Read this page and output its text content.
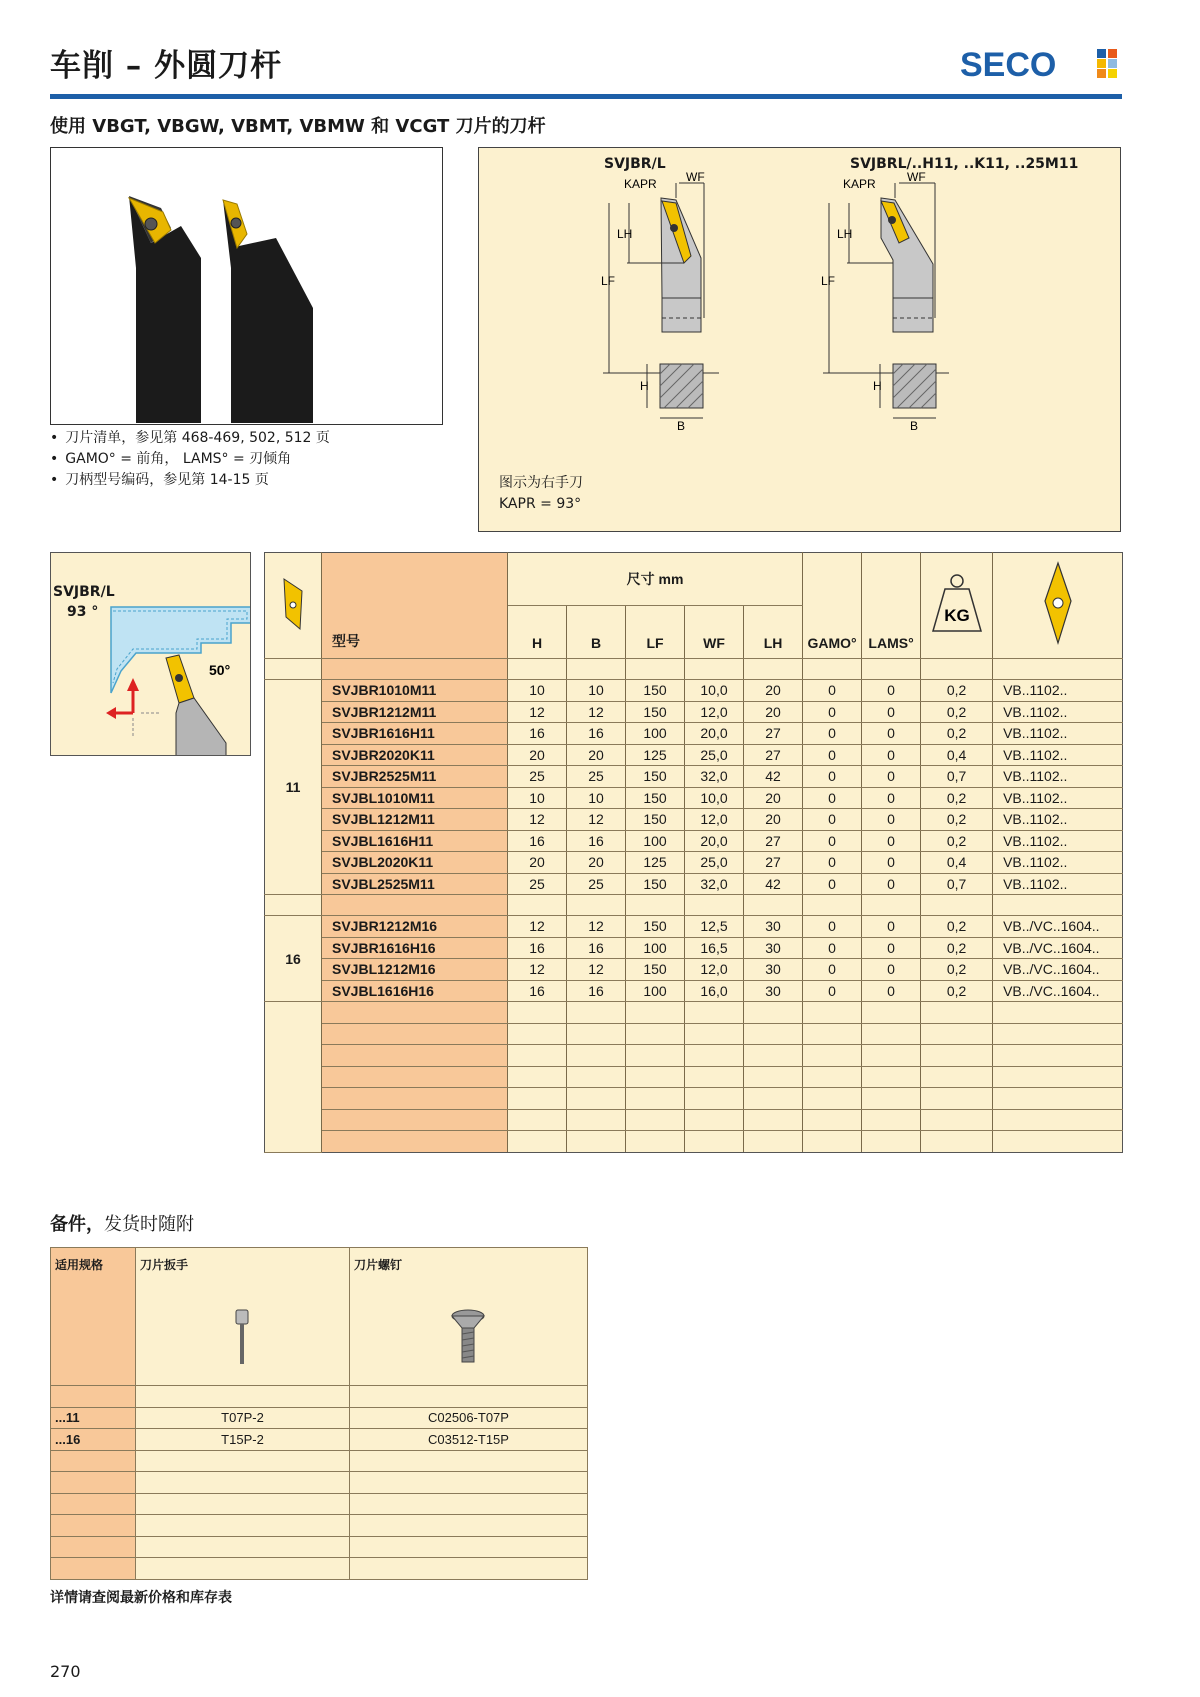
车削 – 外圆刀杆	SECO
使用 VBGT, VBGW, VBMT, VBMW 和 VCGT 刀片的刀杆
• 刀片清单，参见第 468-469, 502, 512 页
• GAMO° = 前角， LAMS° = 刃倾角
• 刀柄型号编码，参见第 14-15 页
SVJBR/L	SVJBRL/..H11, ..K11, ..25M11
KAPR WF
LH
LF
H
B
KAPR	WF
LH
LF
H
B
图示为右手刀
KAPR = 93°
SVJBR/L
93 °
50°
	型号	尺寸 mm					GAMO°	LAMS°	KG

		H	B	LF	WF	LH				

11	SVJBR1010M11	10	10	150	10,0	20	0	0	0,2	VB..1102..
	SVJBR1212M11	12	12	150	12,0	20	0	0	0,2	VB..1102..
	SVJBR1616H11	16	16	100	20,0	27	0	0	0,2	VB..1102..
	SVJBR2020K11	20	20	125	25,0	27	0	0	0,4	VB..1102..
	SVJBR2525M11	25	25	150	32,0	42	0	0	0,7	VB..1102..
	SVJBL1010M11	10	10	150	10,0	20	0	0	0,2	VB..1102..
	SVJBL1212M11	12	12	150	12,0	20	0	0	0,2	VB..1102..
	SVJBL1616H11	16	16	100	20,0	27	0	0	0,2	VB..1102..
	SVJBL2020K11	20	20	125	25,0	27	0	0	0,4	VB..1102..
	SVJBL2525M11	25	25	150	32,0	42	0	0	0,7	VB..1102..

16	SVJBR1212M16	12	12	150	12,5	30	0	0	0,2	VB../VC..1604..
	SVJBR1616H16	16	16	100	16,5	30	0	0	0,2	VB../VC..1604..
	SVJBL1212M16	12	12	150	12,0	30	0	0	0,2	VB../VC..1604..
	SVJBL1616H16	16	16	100	16,0	30	0	0	0,2	VB../VC..1604..

备件，发货时随附
适用规格	刀片扳手	刀片螺钉

...11	T07P-2	C02506-T07P
...16	T15P-2	C03512-T15P

详情请查阅最新价格和库存表
270
